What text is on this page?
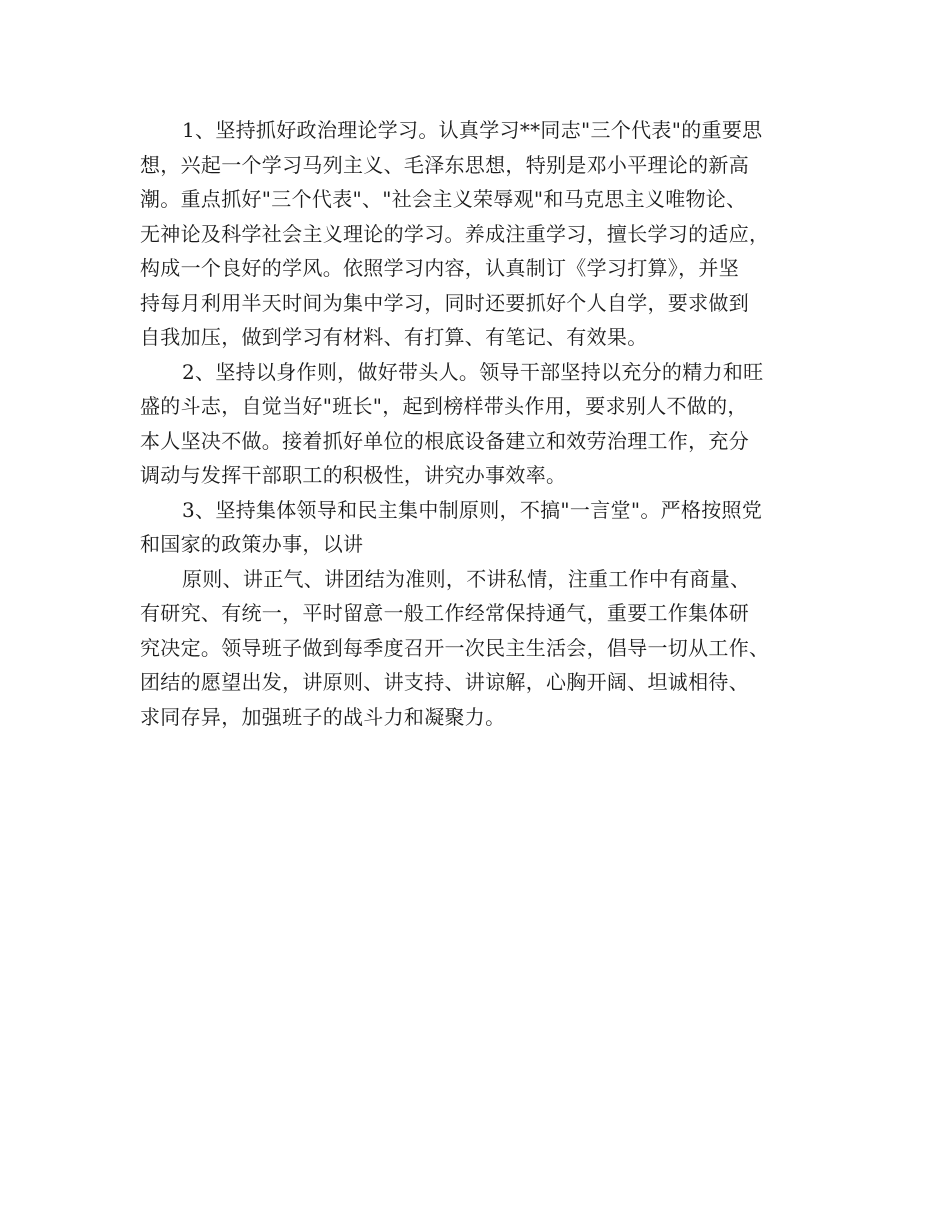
1、坚持抓好政治理论学习。认真学习**同志"三个代表"的重要思
想，兴起一个学习马列主义、毛泽东思想，特别是邓小平理论的新高
潮。重点抓好"三个代表"、"社会主义荣辱观"和马克思主义唯物论、
无神论及科学社会主义理论的学习。养成注重学习，擅长学习的适应，
构成一个良好的学风。依照学习内容，认真制订《学习打算》，并坚
持每月利用半天时间为集中学习，同时还要抓好个人自学，要求做到
自我加压，做到学习有材料、有打算、有笔记、有效果。
2、坚持以身作则，做好带头人。领导干部坚持以充分的精力和旺
盛的斗志，自觉当好"班长"，起到榜样带头作用，要求别人不做的，
本人坚决不做。接着抓好单位的根底设备建立和效劳治理工作，充分
调动与发挥干部职工的积极性，讲究办事效率。
3、坚持集体领导和民主集中制原则，不搞"一言堂"。严格按照党
和国家的政策办事，以讲
原则、讲正气、讲团结为准则，不讲私情，注重工作中有商量、
有研究、有统一，平时留意一般工作经常保持通气，重要工作集体研
究决定。领导班子做到每季度召开一次民主生活会，倡导一切从工作、
团结的愿望出发，讲原则、讲支持、讲谅解，心胸开阔、坦诚相待、
求同存异，加强班子的战斗力和凝聚力。
